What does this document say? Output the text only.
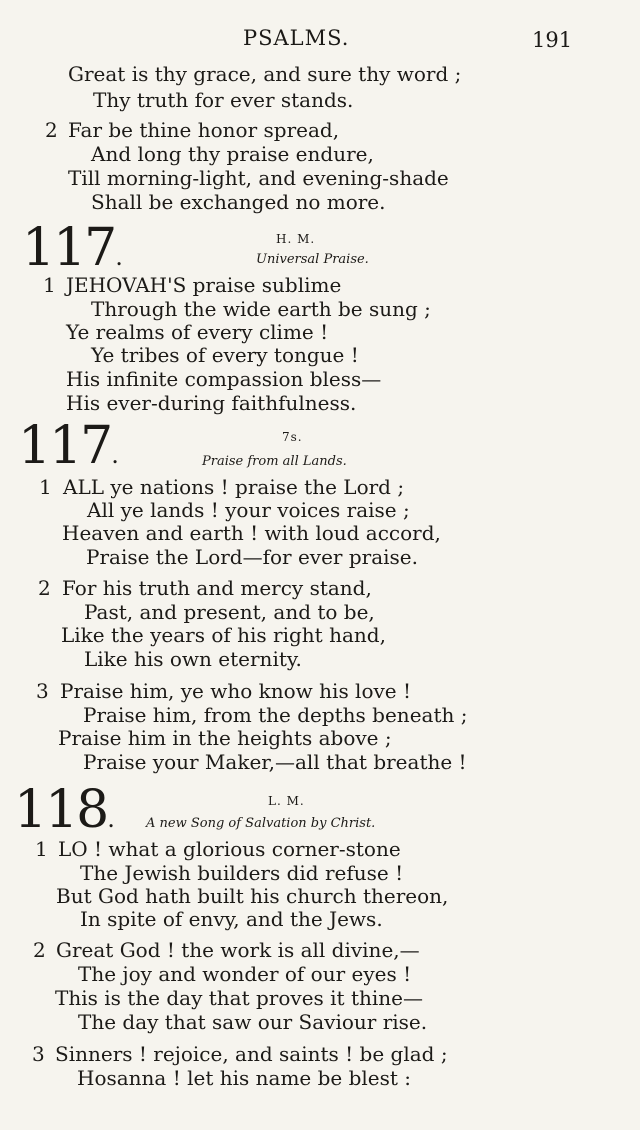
PSALMS.	191
Great is thy grace, and sure thy word ;
Thy truth for ever stands.
2 Far be thine honor spread,
And long thy praise endure,
Till morning-light, and evening-shade
Shall be exchanged no more.
117.
H. M.
Universal Praise.
1 JEHOVAH'S praise sublime
Through the wide earth be sung ;
Ye realms of every clime !
Ye tribes of every tongue !
His infinite compassion bless—
His ever-during faithfulness.
117.
7s.
Praise from all Lands.
1 ALL ye nations ! praise the Lord ;
All ye lands ! your voices raise ;
Heaven and earth ! with loud accord,
Praise the Lord—for ever praise.
2 For his truth and mercy stand,
Past, and present, and to be,
Like the years of his right hand,
Like his own eternity.
3 Praise him, ye who know his love !
Praise him, from the depths beneath ;
Praise him in the heights above ;
Praise your Maker,—all that breathe !
118.
L. M.
A new Song of Salvation by Christ.
1 LO ! what a glorious corner-stone
The Jewish builders did refuse !
But God hath built his church thereon,
In spite of envy, and the Jews.
2 Great God ! the work is all divine,—
The joy and wonder of our eyes !
This is the day that proves it thine—
The day that saw our Saviour rise.
3 Sinners ! rejoice, and saints ! be glad ;
Hosanna ! let his name be blest :
